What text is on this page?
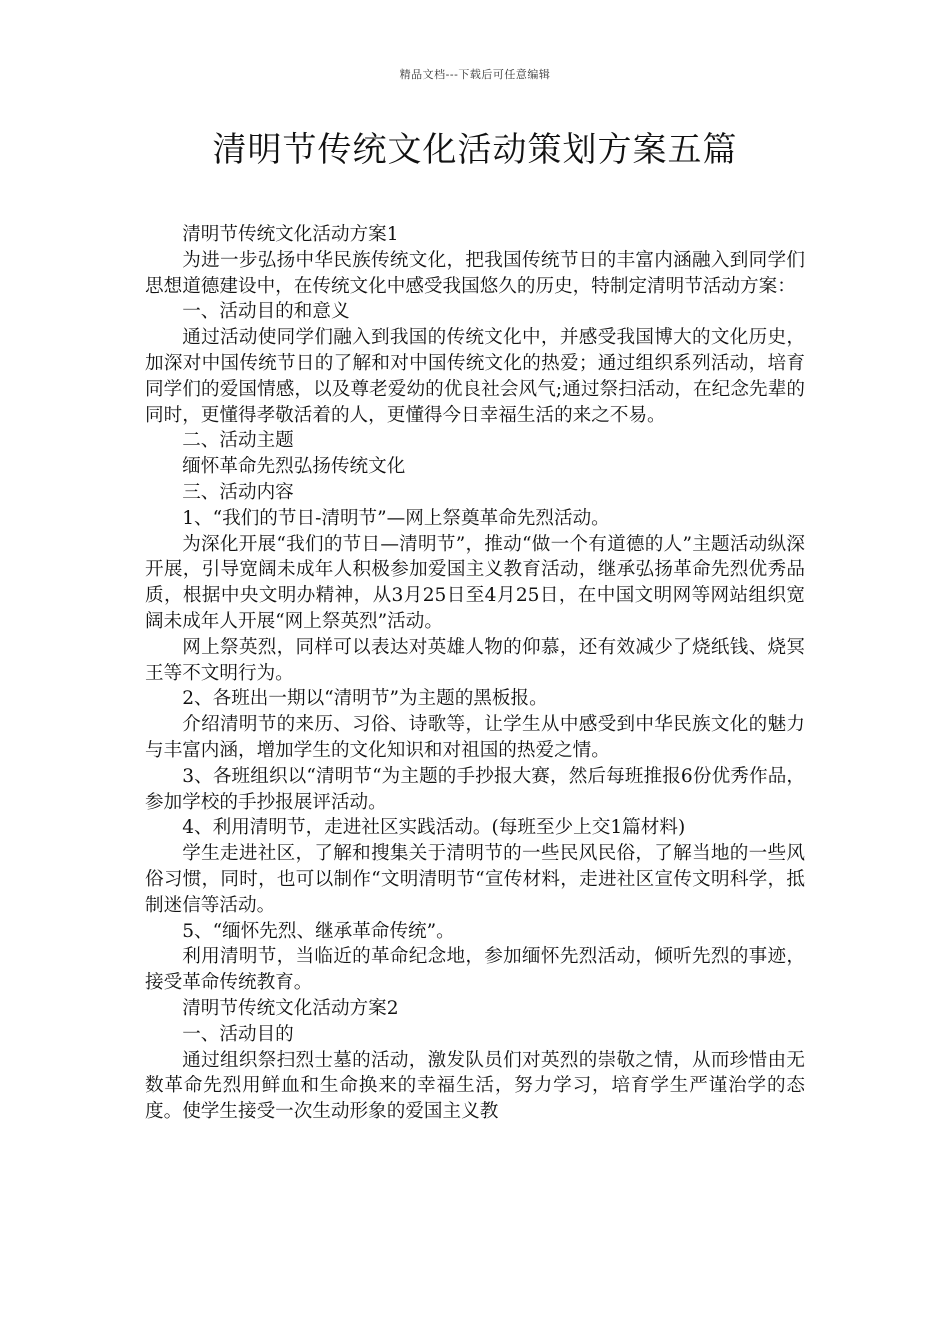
精品文档---下载后可任意编辑
清明节传统文化活动策划方案五篇

清明节传统文化活动方案1

为进一步弘扬中华民族传统文化，把我国传统节日的丰富内涵融入到同学们思想道德建设中，在传统文化中感受我国悠久的历史，特制定清明节活动方案：

一、活动目的和意义

通过活动使同学们融入到我国的传统文化中，并感受我国博大的文化历史，加深对中国传统节日的了解和对中国传统文化的热爱；通过组织系列活动，培育同学们的爱国情感，以及尊老爱幼的优良社会风气;通过祭扫活动，在纪念先辈的同时，更懂得孝敬活着的人，更懂得今日幸福生活的来之不易。

二、活动主题

缅怀革命先烈弘扬传统文化

三、活动内容

1、“我们的节日-清明节”—网上祭奠革命先烈活动。

为深化开展“我们的节日—清明节”，推动“做一个有道德的人”主题活动纵深开展，引导宽阔未成年人积极参加爱国主义教育活动，继承弘扬革命先烈优秀品质，根据中央文明办精神，从3月25日至4月25日，在中国文明网等网站组织宽阔未成年人开展“网上祭英烈”活动。

网上祭英烈，同样可以表达对英雄人物的仰慕，还有效减少了烧纸钱、烧冥王等不文明行为。

2、各班出一期以“清明节”为主题的黑板报。

介绍清明节的来历、习俗、诗歌等，让学生从中感受到中华民族文化的魅力与丰富内涵，增加学生的文化知识和对祖国的热爱之情。

3、各班组织以“清明节“为主题的手抄报大赛，然后每班推报6份优秀作品，参加学校的手抄报展评活动。

4、利用清明节，走进社区实践活动。(每班至少上交1篇材料)

学生走进社区，了解和搜集关于清明节的一些民风民俗，了解当地的一些风俗习惯，同时，也可以制作“文明清明节“宣传材料，走进社区宣传文明科学，抵制迷信等活动。

5、“缅怀先烈、继承革命传统”。

利用清明节，当临近的革命纪念地，参加缅怀先烈活动，倾听先烈的事迹，接受革命传统教育。

清明节传统文化活动方案2

一、活动目的

通过组织祭扫烈士墓的活动，激发队员们对英烈的崇敬之情，从而珍惜由无数革命先烈用鲜血和生命换来的幸福生活，努力学习，培育学生严谨治学的态度。使学生接受一次生动形象的爱国主义教
